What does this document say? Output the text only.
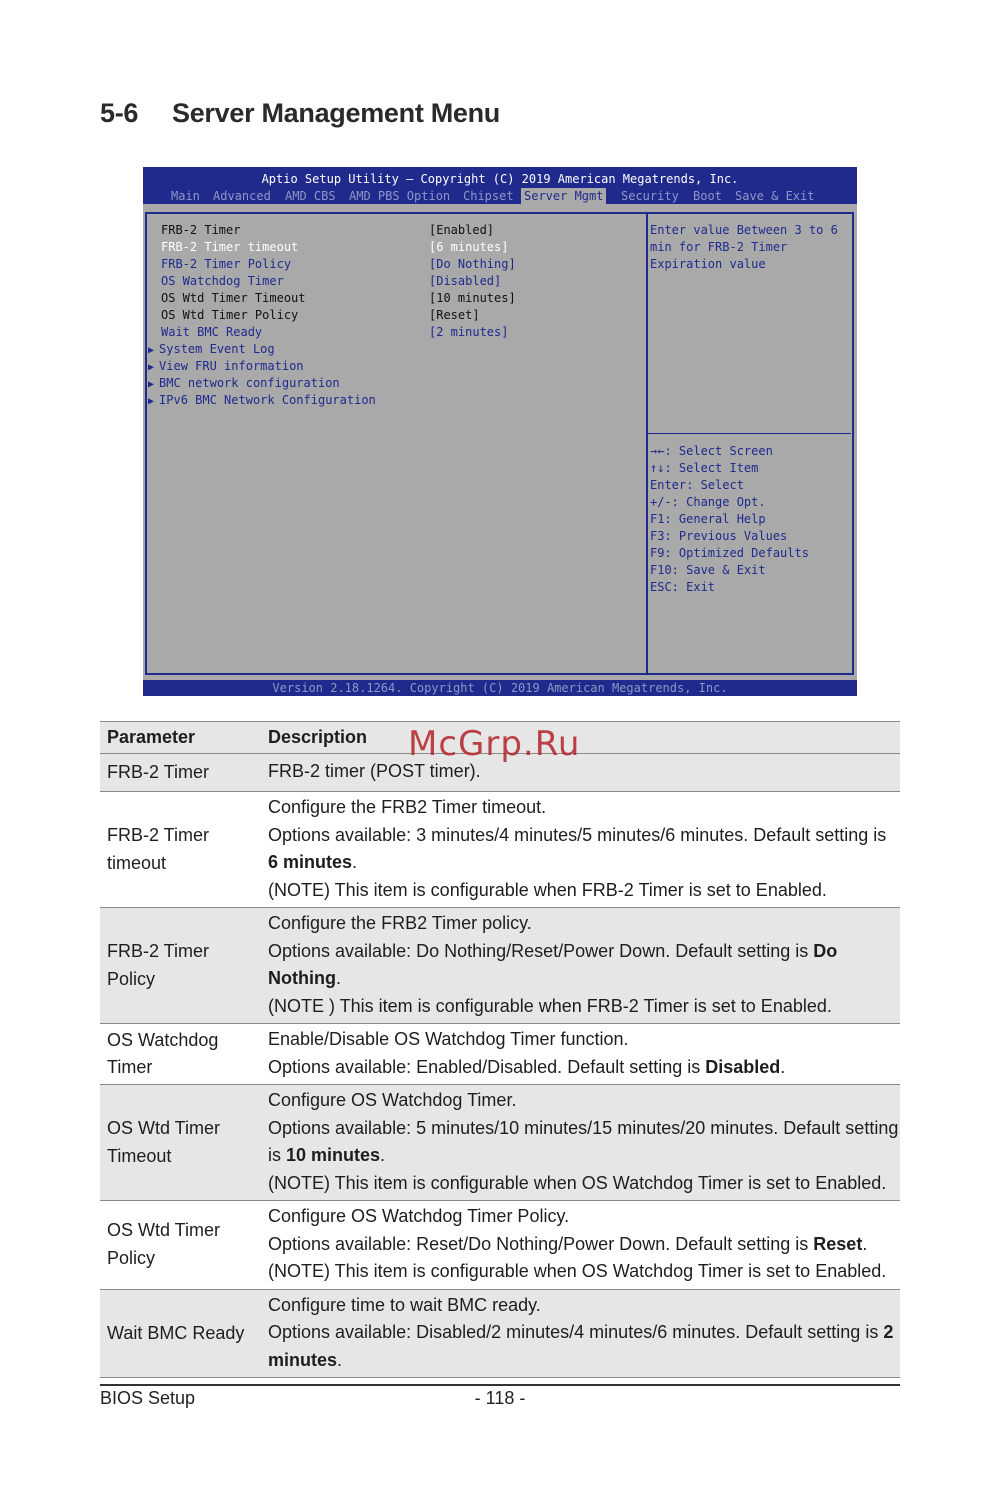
5-6 Server Management Menu
Aptio Setup Utility – Copyright (C) 2019 American Megatrends, Inc.
Main Advanced AMD CBS AMD PBS Option Chipset Server Mgmt Security Boot Save & Exit
FRB-2 Timer	[Enabled]
FRB-2 Timer timeout	[6 minutes]
FRB-2 Timer Policy	[Do Nothing]
OS Watchdog Timer	[Disabled]
OS Wtd Timer Timeout	[10 minutes]
OS Wtd Timer Policy	[Reset]
Wait BMC Ready	[2 minutes]
▶ System Event Log
▶ View FRU information
▶ BMC network configuration
▶ IPv6 BMC Network Configuration
Enter value Between 3 to 6
min for FRB-2 Timer
Expiration value
→←: Select Screen
↑↓: Select Item
Enter: Select
+/-: Change Opt.
F1: General Help
F3: Previous Values
F9: Optimized Defaults
F10: Save & Exit
ESC: Exit
Version 2.18.1264. Copyright (C) 2019 American Megatrends, Inc.
Parameter	Description
FRB-2 Timer	FRB-2 timer (POST timer).

FRB-2 Timer timeout	Configure the FRB2 Timer timeout.
Options available: 3 minutes/4 minutes/5 minutes/6 minutes. Default setting is 6 minutes.
(NOTE) This item is configurable when FRB-2 Timer is set to Enabled.

FRB-2 Timer Policy	Configure the FRB2 Timer policy.
Options available: Do Nothing/Reset/Power Down. Default setting is Do Nothing.
(NOTE ) This item is configurable when FRB-2 Timer is set to Enabled.

OS Watchdog Timer	Enable/Disable OS Watchdog Timer function.
Options available: Enabled/Disabled. Default setting is Disabled.

OS Wtd Timer Timeout	Configure OS Watchdog Timer.
Options available: 5 minutes/10 minutes/15 minutes/20 minutes. Default setting is 10 minutes.
(NOTE) This item is configurable when OS Watchdog Timer is set to Enabled.

OS Wtd Timer Policy	Configure OS Watchdog Timer Policy.
Options available: Reset/Do Nothing/Power Down. Default setting is Reset.
(NOTE) This item is configurable when OS Watchdog Timer is set to Enabled.

Wait BMC Ready	Configure time to wait BMC ready.
Options available: Disabled/2 minutes/4 minutes/6 minutes. Default setting is 2 minutes.
McGrp.Ru
BIOS Setup	- 118 -
